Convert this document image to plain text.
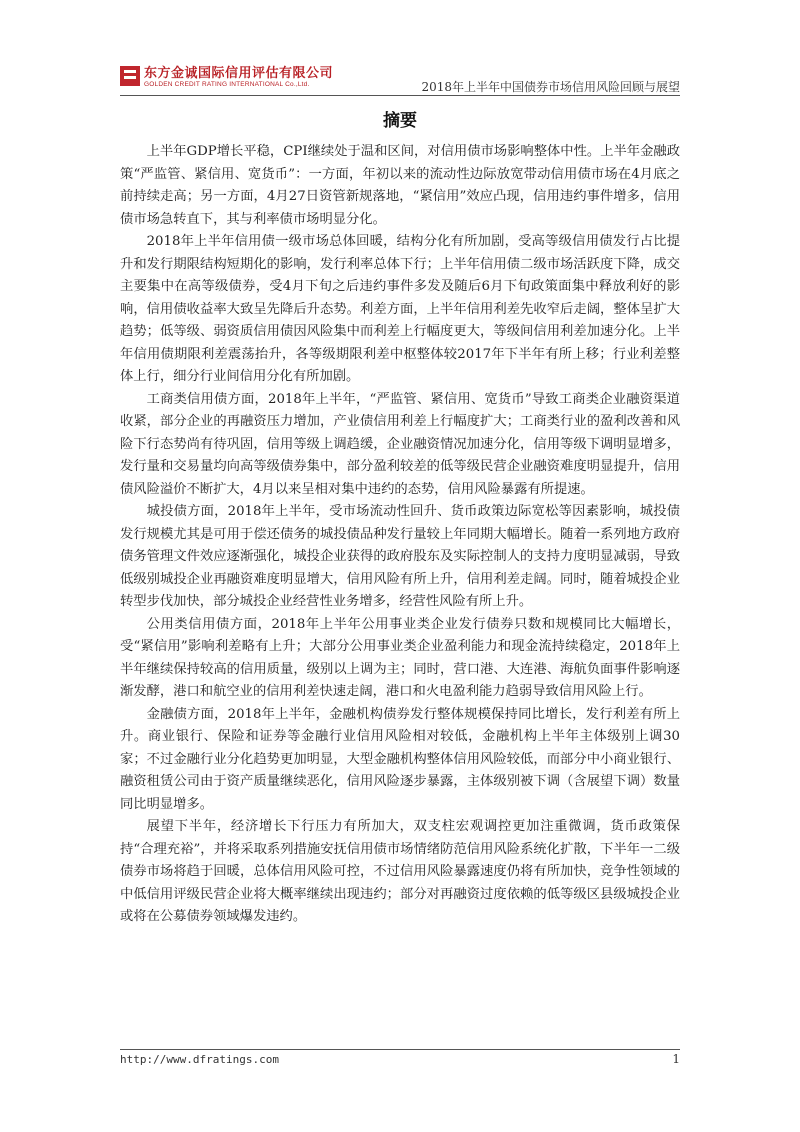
东方金诚国际信用评估有限公司
GOLDEN CREDIT RATING INTERNATIONAL Co.,Ltd.	2018年上半年中国债券市场信用风险回顾与展望
摘要

上半年GDP增长平稳，CPI继续处于温和区间，对信用债市场影响整体中性。上半年金融政策“严监管、紧信用、宽货币”：一方面，年初以来的流动性边际放宽带动信用债市场在4月底之前持续走高；另一方面，4月27日资管新规落地，“紧信用”效应凸现，信用违约事件增多，信用债市场急转直下，其与利率债市场明显分化。

2018年上半年信用债一级市场总体回暖，结构分化有所加剧，受高等级信用债发行占比提升和发行期限结构短期化的影响，发行利率总体下行；上半年信用债二级市场活跃度下降，成交主要集中在高等级债券，受4月下旬之后违约事件多发及随后6月下旬政策面集中释放利好的影响，信用债收益率大致呈先降后升态势。利差方面，上半年信用利差先收窄后走阔，整体呈扩大趋势；低等级、弱资质信用债因风险集中而利差上行幅度更大，等级间信用利差加速分化。上半年信用债期限利差震荡抬升，各等级期限利差中枢整体较2017年下半年有所上移；行业利差整体上行，细分行业间信用分化有所加剧。

工商类信用债方面，2018年上半年，“严监管、紧信用、宽货币”导致工商类企业融资渠道收紧，部分企业的再融资压力增加，产业债信用利差上行幅度扩大；工商类行业的盈利改善和风险下行态势尚有待巩固，信用等级上调趋缓，企业融资情况加速分化，信用等级下调明显增多，发行量和交易量均向高等级债券集中，部分盈利较差的低等级民营企业融资难度明显提升，信用债风险溢价不断扩大，4月以来呈相对集中违约的态势，信用风险暴露有所提速。

城投债方面，2018年上半年，受市场流动性回升、货币政策边际宽松等因素影响，城投债发行规模尤其是可用于偿还债务的城投债品种发行量较上年同期大幅增长。随着一系列地方政府债务管理文件效应逐渐强化，城投企业获得的政府股东及实际控制人的支持力度明显减弱，导致低级别城投企业再融资难度明显增大，信用风险有所上升，信用利差走阔。同时，随着城投企业转型步伐加快，部分城投企业经营性业务增多，经营性风险有所上升。

公用类信用债方面，2018年上半年公用事业类企业发行债券只数和规模同比大幅增长，受“紧信用”影响利差略有上升；大部分公用事业类企业盈利能力和现金流持续稳定，2018年上半年继续保持较高的信用质量，级别以上调为主；同时，营口港、大连港、海航负面事件影响逐渐发酵，港口和航空业的信用利差快速走阔，港口和火电盈利能力趋弱导致信用风险上行。

金融债方面，2018年上半年，金融机构债券发行整体规模保持同比增长，发行利差有所上升。商业银行、保险和证券等金融行业信用风险相对较低，金融机构上半年主体级别上调30家；不过金融行业分化趋势更加明显，大型金融机构整体信用风险较低，而部分中小商业银行、融资租赁公司由于资产质量继续恶化，信用风险逐步暴露，主体级别被下调（含展望下调）数量同比明显增多。

展望下半年，经济增长下行压力有所加大，双支柱宏观调控更加注重微调，货币政策保持“合理充裕”，并将采取系列措施安抚信用债市场情绪防范信用风险系统化扩散，下半年一二级债券市场将趋于回暖，总体信用风险可控，不过信用风险暴露速度仍将有所加快，竞争性领域的中低信用评级民营企业将大概率继续出现违约；部分对再融资过度依赖的低等级区县级城投企业或将在公募债券领域爆发违约。

http://www.dfratings.com	1
